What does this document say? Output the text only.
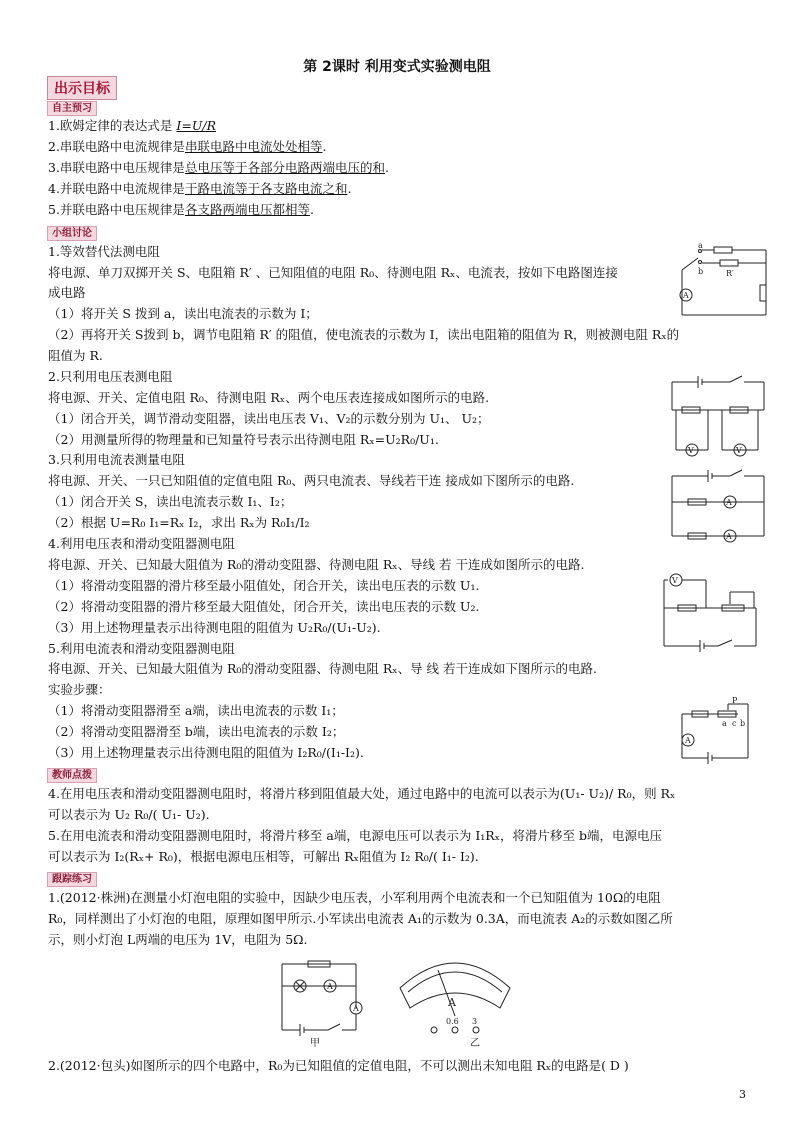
第 2课时 利用变式实验测电阻
出示目标
自主预习
1.欧姆定律的表达式是 I=U/R
2.串联电路中电流规律是串联电路中电流处处相等.
3.串联电路中电压规律是总电压等于各部分电路两端电压的和.
4.并联电路中电流规律是干路电流等于各支路电流之和.
5.并联电路中电压规律是各支路两端电压都相等.
小组讨论
1.等效替代法测电阻
将电源、单刀双掷开关 S、电阻箱 R′ 、已知阻值的电阻 R₀、待测电阻 Rₓ、电流表，按如下电路图连接
成电路
（1）将开关 S 拨到 a，读出电流表的示数为 I；
（2）再将开关 S拨到 b，调节电阻箱 R′ 的阻值，使电流表的示数为 I，读出电阻箱的阻值为 R，则被测电阻 Rₓ的
阻值为 R.
2.只利用电压表测电阻
将电源、开关、定值电阻 R₀、待测电阻 Rₓ、两个电压表连接成如图所示的电路.
（1）闭合开关，调节滑动变阻器，读出电压表 V₁、V₂的示数分别为 U₁、 U₂；
（2）用测量所得的物理量和已知量符号表示出待测电阻 Rₓ=U₂R₀/U₁.
3.只利用电流表测量电阻
将电源、开关、一只已知阻值的定值电阻 R₀、两只电流表、导线若干连 接成如下图所示的电路.
（1）闭合开关 S，读出电流表示数 I₁、I₂；
（2）根据 U=R₀ I₁=Rₓ I₂，求出 Rₓ为 R₀I₁/I₂
4.利用电压表和滑动变阻器测电阻
将电源、开关、已知最大阻值为 R₀的滑动变阻器、待测电阻 Rₓ、导线 若 干连成如图所示的电路.
（1）将滑动变阻器的滑片移至最小阻值处，闭合开关，读出电压表的示数 U₁.
（2）将滑动变阻器的滑片移至最大阻值处，闭合开关，读出电压表的示数 U₂.
（3）用上述物理量表示出待测电阻的阻值为 U₂R₀/(U₁-U₂).
5.利用电流表和滑动变阻器测电阻
将电源、开关、已知最大阻值为 R₀的滑动变阻器、待测电阻 Rₓ、导 线 若干连成如下图所示的电路.
实验步骤：
（1）将滑动变阻器滑至 a端，读出电流表的示数 I₁；
（2）将滑动变阻器滑至 b端，读出电流表的示数 I₂；
（3）用上述物理量表示出待测电阻的阻值为 I₂R₀/(I₁-I₂).
教师点拨
4.在用电压表和滑动变阻器测电阻时，将滑片移到阻值最大处，通过电路中的电流可以表示为(U₁- U₂)/ R₀，则 Rₓ
可以表示为 U₂ R₀/( U₁- U₂).
5.在用电流表和滑动变阻器测电阻时，将滑片移至 a端，电源电压可以表示为 I₁Rₓ，将滑片移至 b端，电源电压
可以表示为 I₂(Rₓ+ R₀)，根据电源电压相等，可解出 Rₓ阻值为 I₂ R₀/( I₁- I₂).
跟踪练习
1.(2012·株洲)在测量小灯泡电阻的实验中，因缺少电压表，小军利用两个电流表和一个已知阻值为 10Ω的电阻
R₀，同样测出了小灯泡的电阻，原理如图甲所示.小军读出电流表 A₁的示数为 0.3A，而电流表 A₂的示数如图乙所
示，则小灯泡 L两端的电压为 1V，电阻为 5Ω.
2.(2012·包头)如图所示的四个电路中，R₀为已知阻值的定值电阻，不可以测出未知电阻 Rₓ的电路是( D )
A
a
b	R′
V	V
A
A
V
A
P
a c b
A
A
甲
A
0.6 3
乙
3
